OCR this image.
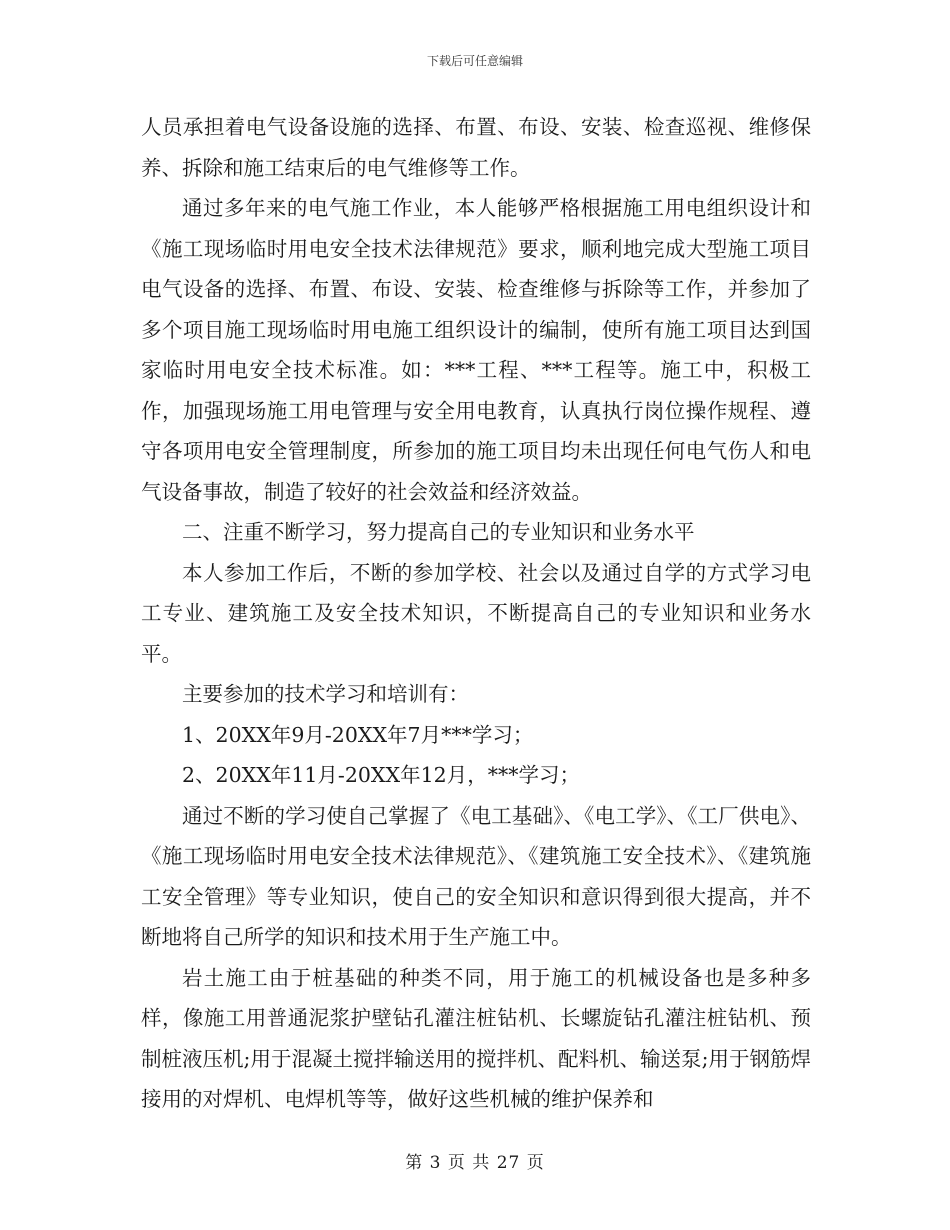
下载后可任意编辑

人员承担着电气设备设施的选择、布置、布设、安装、检查巡视、维修保养、拆除和施工结束后的电气维修等工作。

通过多年来的电气施工作业，本人能够严格根据施工用电组织设计和《施工现场临时用电安全技术法律规范》要求，顺利地完成大型施工项目电气设备的选择、布置、布设、安装、检查维修与拆除等工作，并参加了多个项目施工现场临时用电施工组织设计的编制，使所有施工项目达到国家临时用电安全技术标准。如：***工程、***工程等。施工中，积极工作，加强现场施工用电管理与安全用电教育，认真执行岗位操作规程、遵守各项用电安全管理制度，所参加的施工项目均未出现任何电气伤人和电气设备事故，制造了较好的社会效益和经济效益。

二、注重不断学习，努力提高自己的专业知识和业务水平

本人参加工作后，不断的参加学校、社会以及通过自学的方式学习电工专业、建筑施工及安全技术知识，不断提高自己的专业知识和业务水平。

主要参加的技术学习和培训有：

1、20XX年9月-20XX年7月***学习；

2、20XX年11月-20XX年12月，***学习；

通过不断的学习使自己掌握了《电工基础》、《电工学》、《工厂供电》、《施工现场临时用电安全技术法律规范》、《建筑施工安全技术》、《建筑施工安全管理》等专业知识，使自己的安全知识和意识得到很大提高，并不断地将自己所学的知识和技术用于生产施工中。

岩土施工由于桩基础的种类不同，用于施工的机械设备也是多种多样，像施工用普通泥浆护壁钻孔灌注桩钻机、长螺旋钻孔灌注桩钻机、预制桩液压机;用于混凝土搅拌输送用的搅拌机、配料机、输送泵;用于钢筋焊接用的对焊机、电焊机等等，做好这些机械的维护保养和

第 3 页 共 27 页
